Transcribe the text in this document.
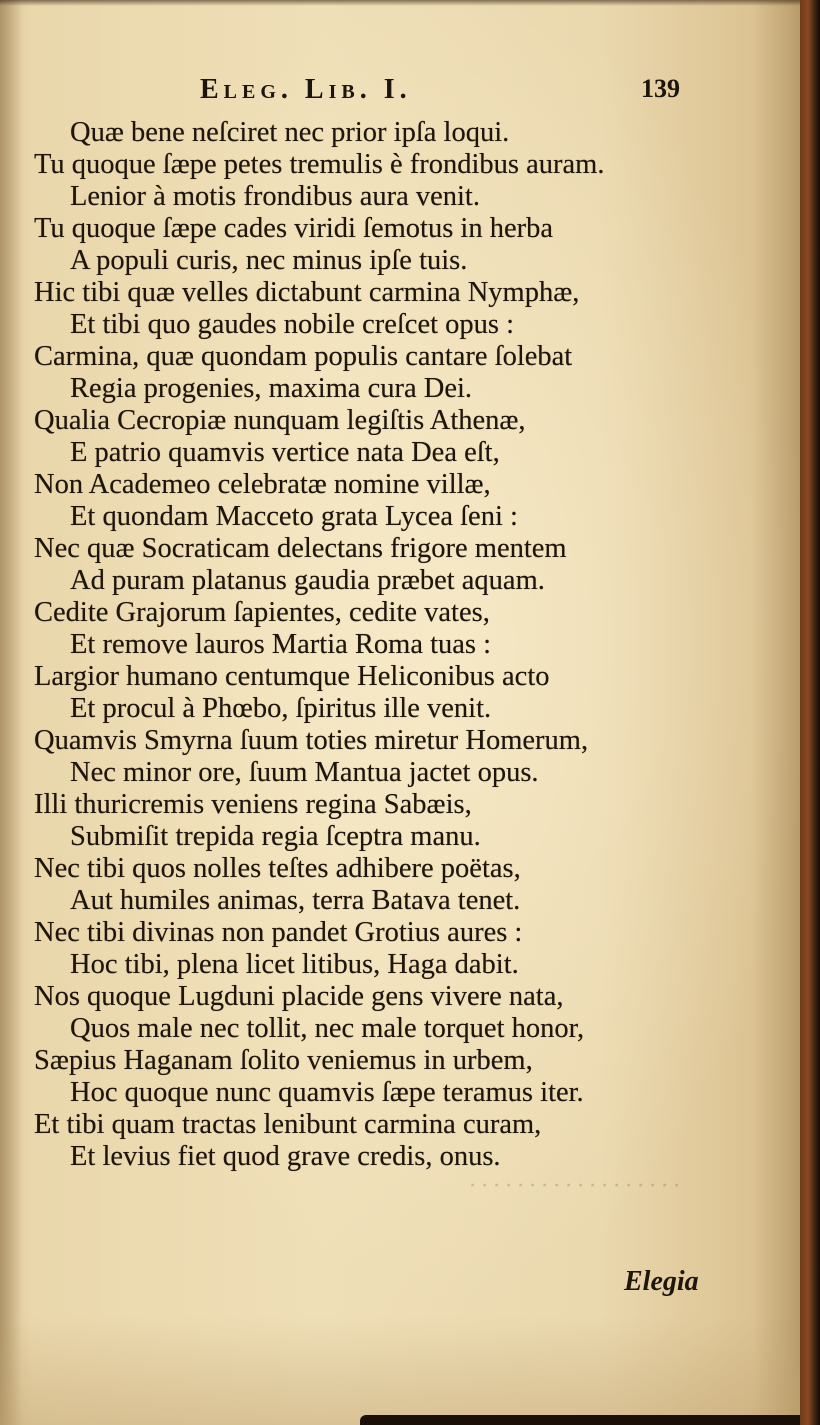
Eleg. Lib. I.	139
Quæ bene neſciret nec prior ipſa loqui.
Tu quoque ſæpe petes tremulis è frondibus auram.
Lenior à motis frondibus aura venit.
Tu quoque ſæpe cades viridi ſemotus in herba
A populi curis, nec minus ipſe tuis.
Hic tibi quæ velles dictabunt carmina Nymphæ,
Et tibi quo gaudes nobile creſcet opus :
Carmina, quæ quondam populis cantare ſolebat
Regia progenies, maxima cura Dei.
Qualia Cecropiæ nunquam legiſtis Athenæ,
E patrio quamvis vertice nata Dea eſt,
Non Academeo celebratæ nomine villæ,
Et quondam Macceto grata Lycea ſeni :
Nec quæ Socraticam delectans frigore mentem
Ad puram platanus gaudia præbet aquam.
Cedite Grajorum ſapientes, cedite vates,
Et remove lauros Martia Roma tuas :
Largior humano centumque Heliconibus acto
Et procul à Phœbo, ſpiritus ille venit.
Quamvis Smyrna ſuum toties miretur Homerum,
Nec minor ore, ſuum Mantua jactet opus.
Illi thuricremis veniens regina Sabæis,
Submiſit trepida regia ſceptra manu.
Nec tibi quos nolles teſtes adhibere poëtas,
Aut humiles animas, terra Batava tenet.
Nec tibi divinas non pandet Grotius aures :
Hoc tibi, plena licet litibus, Haga dabit.
Nos quoque Lugduni placide gens vivere nata,
Quos male nec tollit, nec male torquet honor,
Sæpius Haganam ſolito veniemus in urbem,
Hoc quoque nunc quamvis ſæpe teramus iter.
Et tibi quam tractas lenibunt carmina curam,
Et levius fiet quod grave credis, onus.
· · · · · · · · · · · · · · · · · ·
Elegia
